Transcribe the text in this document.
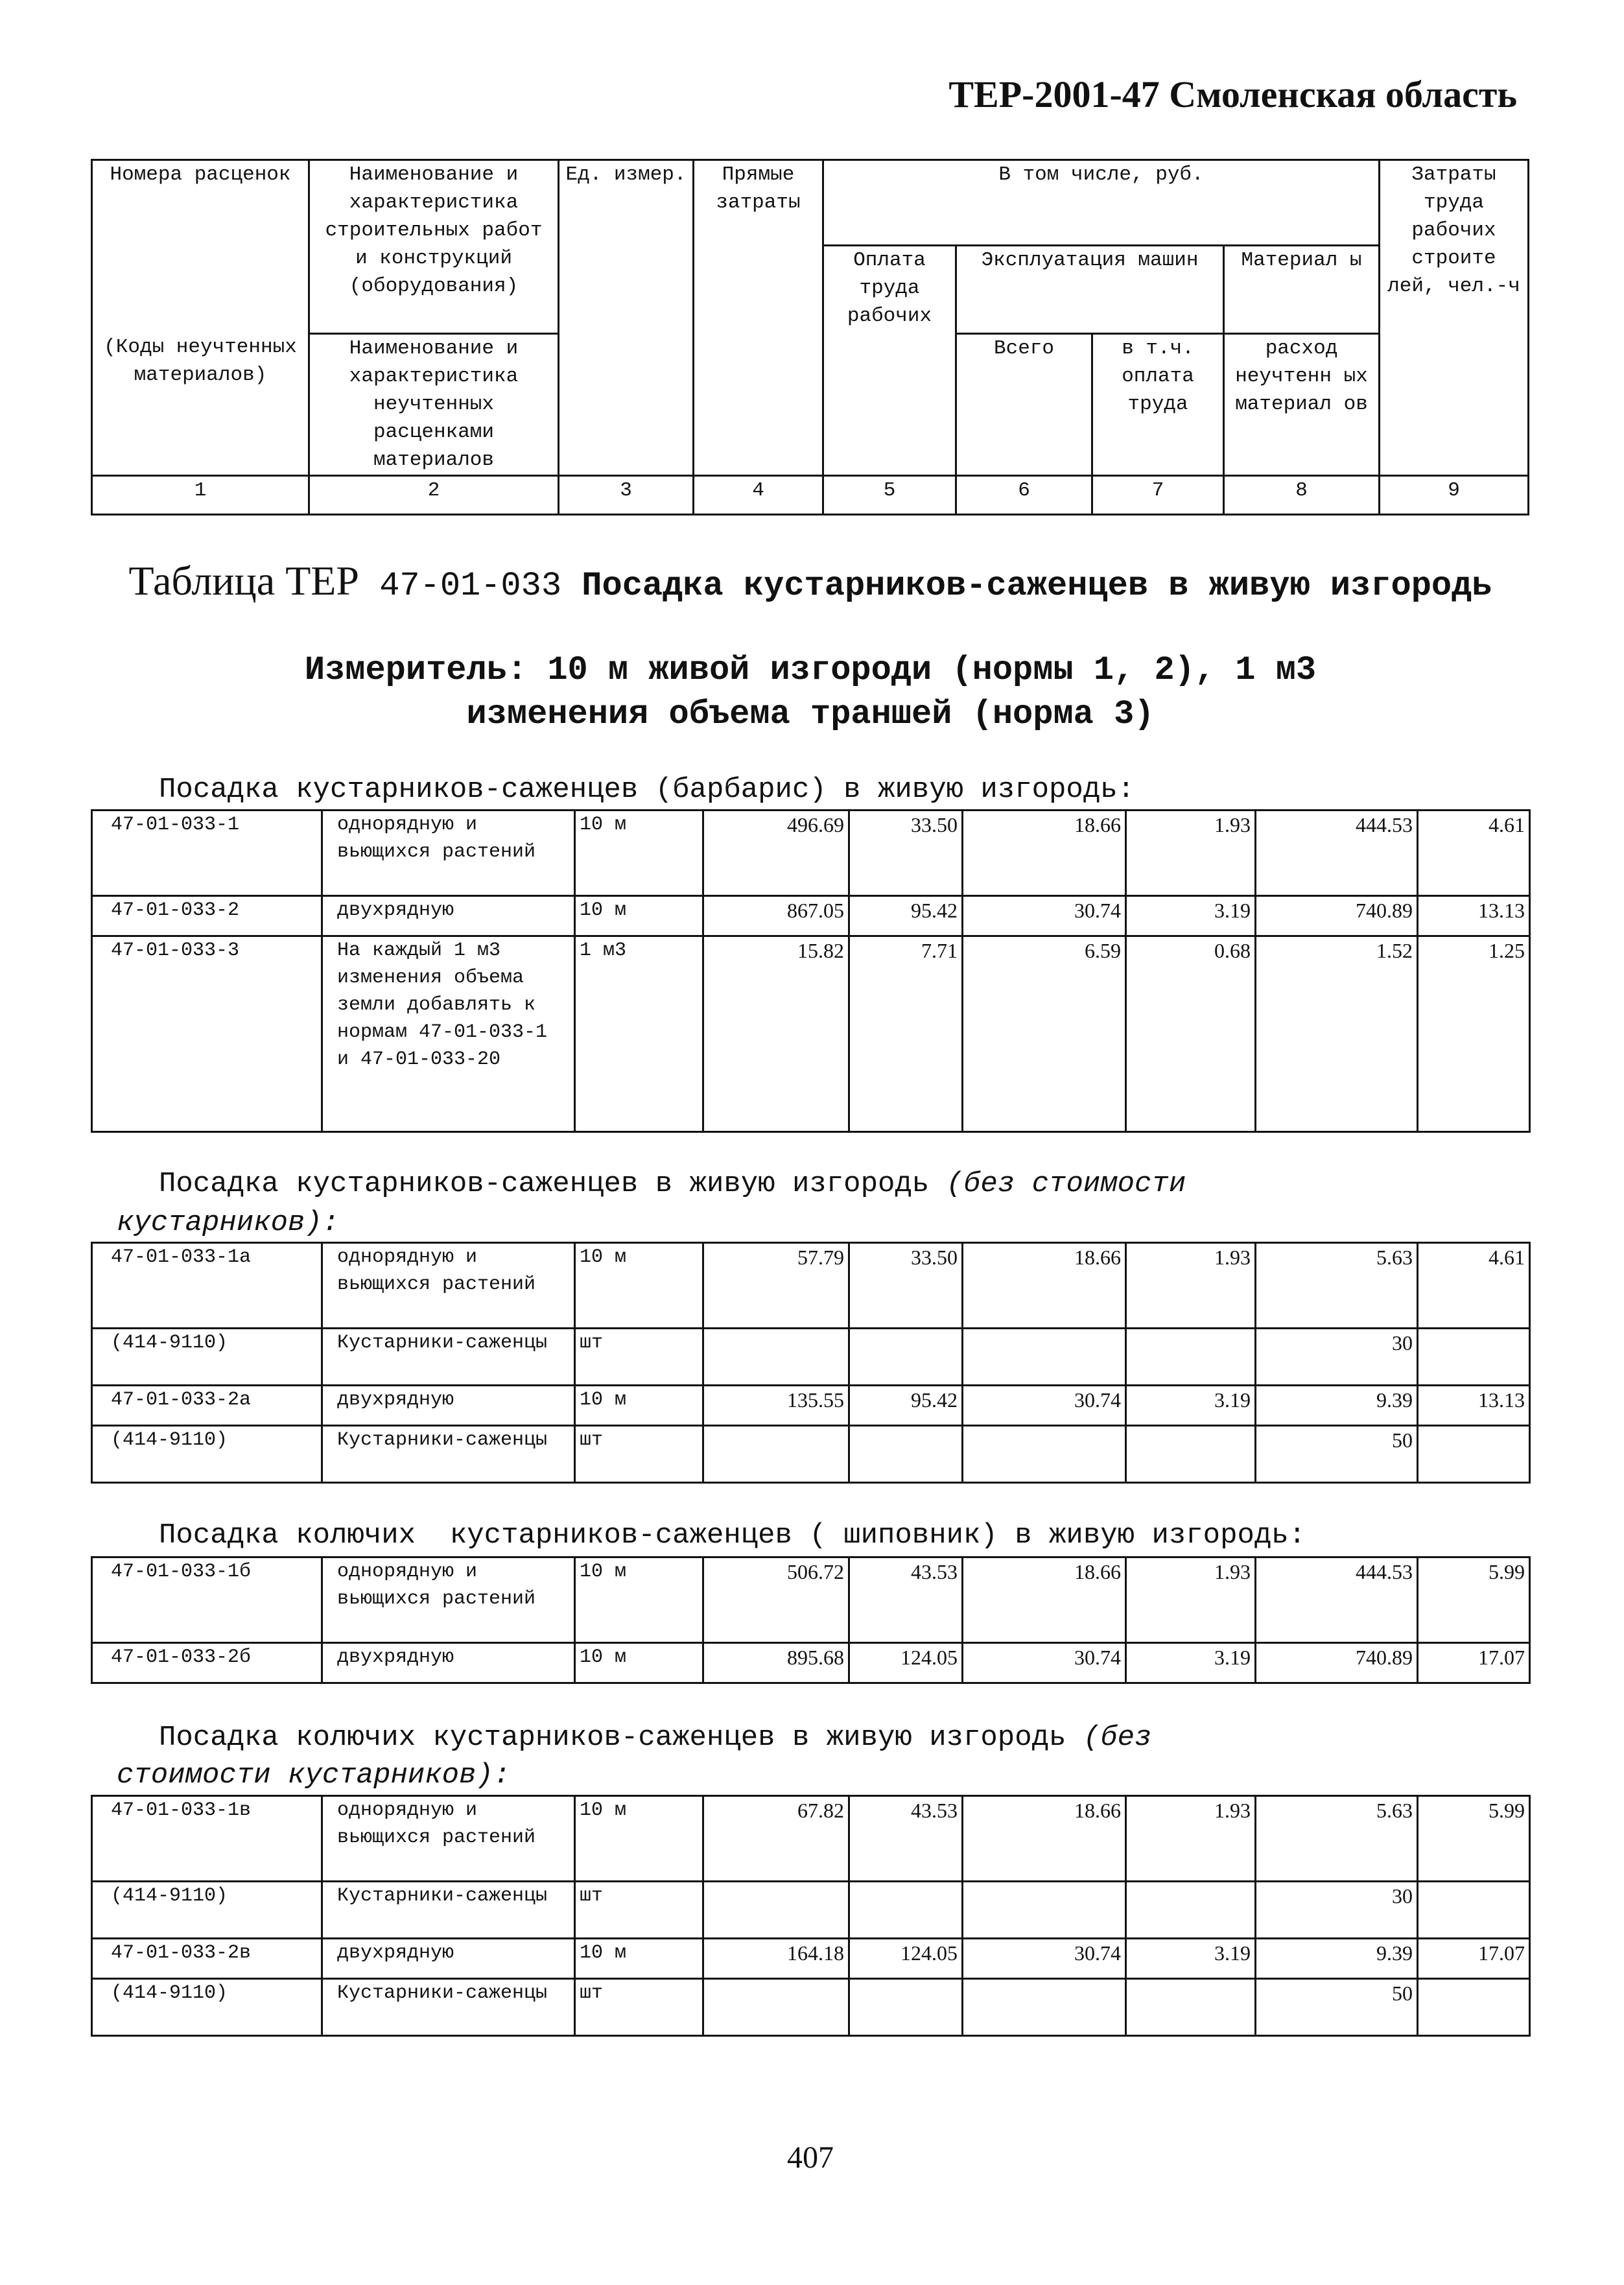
ТЕР-2001-47 Смоленская область
Номера расценок	Наименование и характеристика строительных работ и конструкций (оборудования)	Ед. измер.	Прямые затраты	В том числе, руб.				Затраты труда рабочих строите лей, чел.-ч
				Оплата труда рабочих	Эксплуатация машин		Материал ы	
(Коды неучтенных материалов)	Наименование и характеристика неучтенных расценками материалов				Всего	в т.ч. оплата труда	расход неучтенн ых материал ов	
1	2	3	4	5	6	7	8	9
Таблица ТЕР 47-01-033 Посадка кустарников-саженцев в живую изгородь
Измеритель: 10 м живой изгороди (нормы 1, 2), 1 м3
изменения объема траншей (норма 3)
Посадка кустарников-саженцев (барбарис) в живую изгородь:
47-01-033-1	однорядную и вьющихся растений	10 м	496.69	33.50	18.66	1.93	444.53	4.61
47-01-033-2	двухрядную	10 м	867.05	95.42	30.74	3.19	740.89	13.13
47-01-033-3	На каждый 1 м3 изменения объема земли добавлять к нормам 47-01-033-1 и 47-01-033-20	1 м3	15.82	7.71	6.59	0.68	1.52	1.25
Посадка кустарников-саженцев в живую изгородь (без стоимости
кустарников):
47-01-033-1а	однорядную и вьющихся растений	10 м	57.79	33.50	18.66	1.93	5.63	4.61
(414-9110)	Кустарники-саженцы	шт					30	
47-01-033-2а	двухрядную	10 м	135.55	95.42	30.74	3.19	9.39	13.13
(414-9110)	Кустарники-саженцы	шт					50	
Посадка колючих  кустарников-саженцев ( шиповник) в живую изгородь:
47-01-033-1б	однорядную и вьющихся растений	10 м	506.72	43.53	18.66	1.93	444.53	5.99
47-01-033-2б	двухрядную	10 м	895.68	124.05	30.74	3.19	740.89	17.07
Посадка колючих кустарников-саженцев в живую изгородь (без
стоимости кустарников):
47-01-033-1в	однорядную и вьющихся растений	10 м	67.82	43.53	18.66	1.93	5.63	5.99
(414-9110)	Кустарники-саженцы	шт					30	
47-01-033-2в	двухрядную	10 м	164.18	124.05	30.74	3.19	9.39	17.07
(414-9110)	Кустарники-саженцы	шт					50	
407
